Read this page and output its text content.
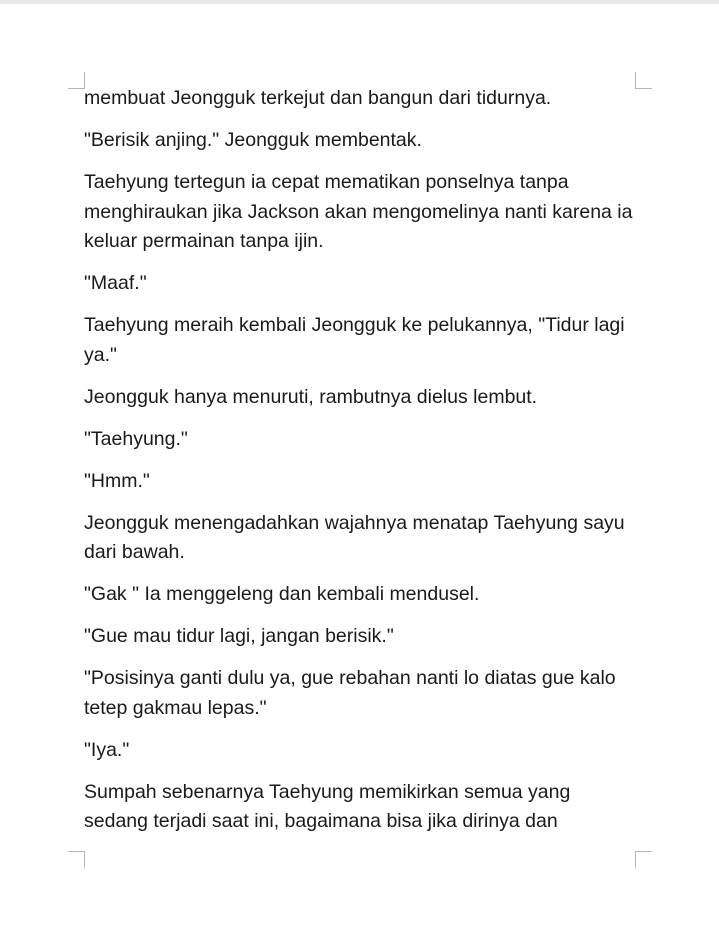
membuat Jeongguk terkejut dan bangun dari tidurnya.

"Berisik anjing." Jeongguk membentak.

Taehyung tertegun ia cepat mematikan ponselnya tanpa menghiraukan jika Jackson akan mengomelinya nanti karena ia keluar permainan tanpa ijin.

"Maaf."

Taehyung meraih kembali Jeongguk ke pelukannya, "Tidur lagi ya."

Jeongguk hanya menuruti, rambutnya dielus lembut.

"Taehyung."

"Hmm."

Jeongguk menengadahkan wajahnya menatap Taehyung sayu dari bawah.

"Gak " Ia menggeleng dan kembali mendusel.

"Gue mau tidur lagi, jangan berisik."

"Posisinya ganti dulu ya, gue rebahan nanti lo diatas gue kalo tetep gakmau lepas."

"Iya."

Sumpah sebenarnya Taehyung memikirkan semua yang sedang terjadi saat ini, bagaimana bisa jika dirinya dan
